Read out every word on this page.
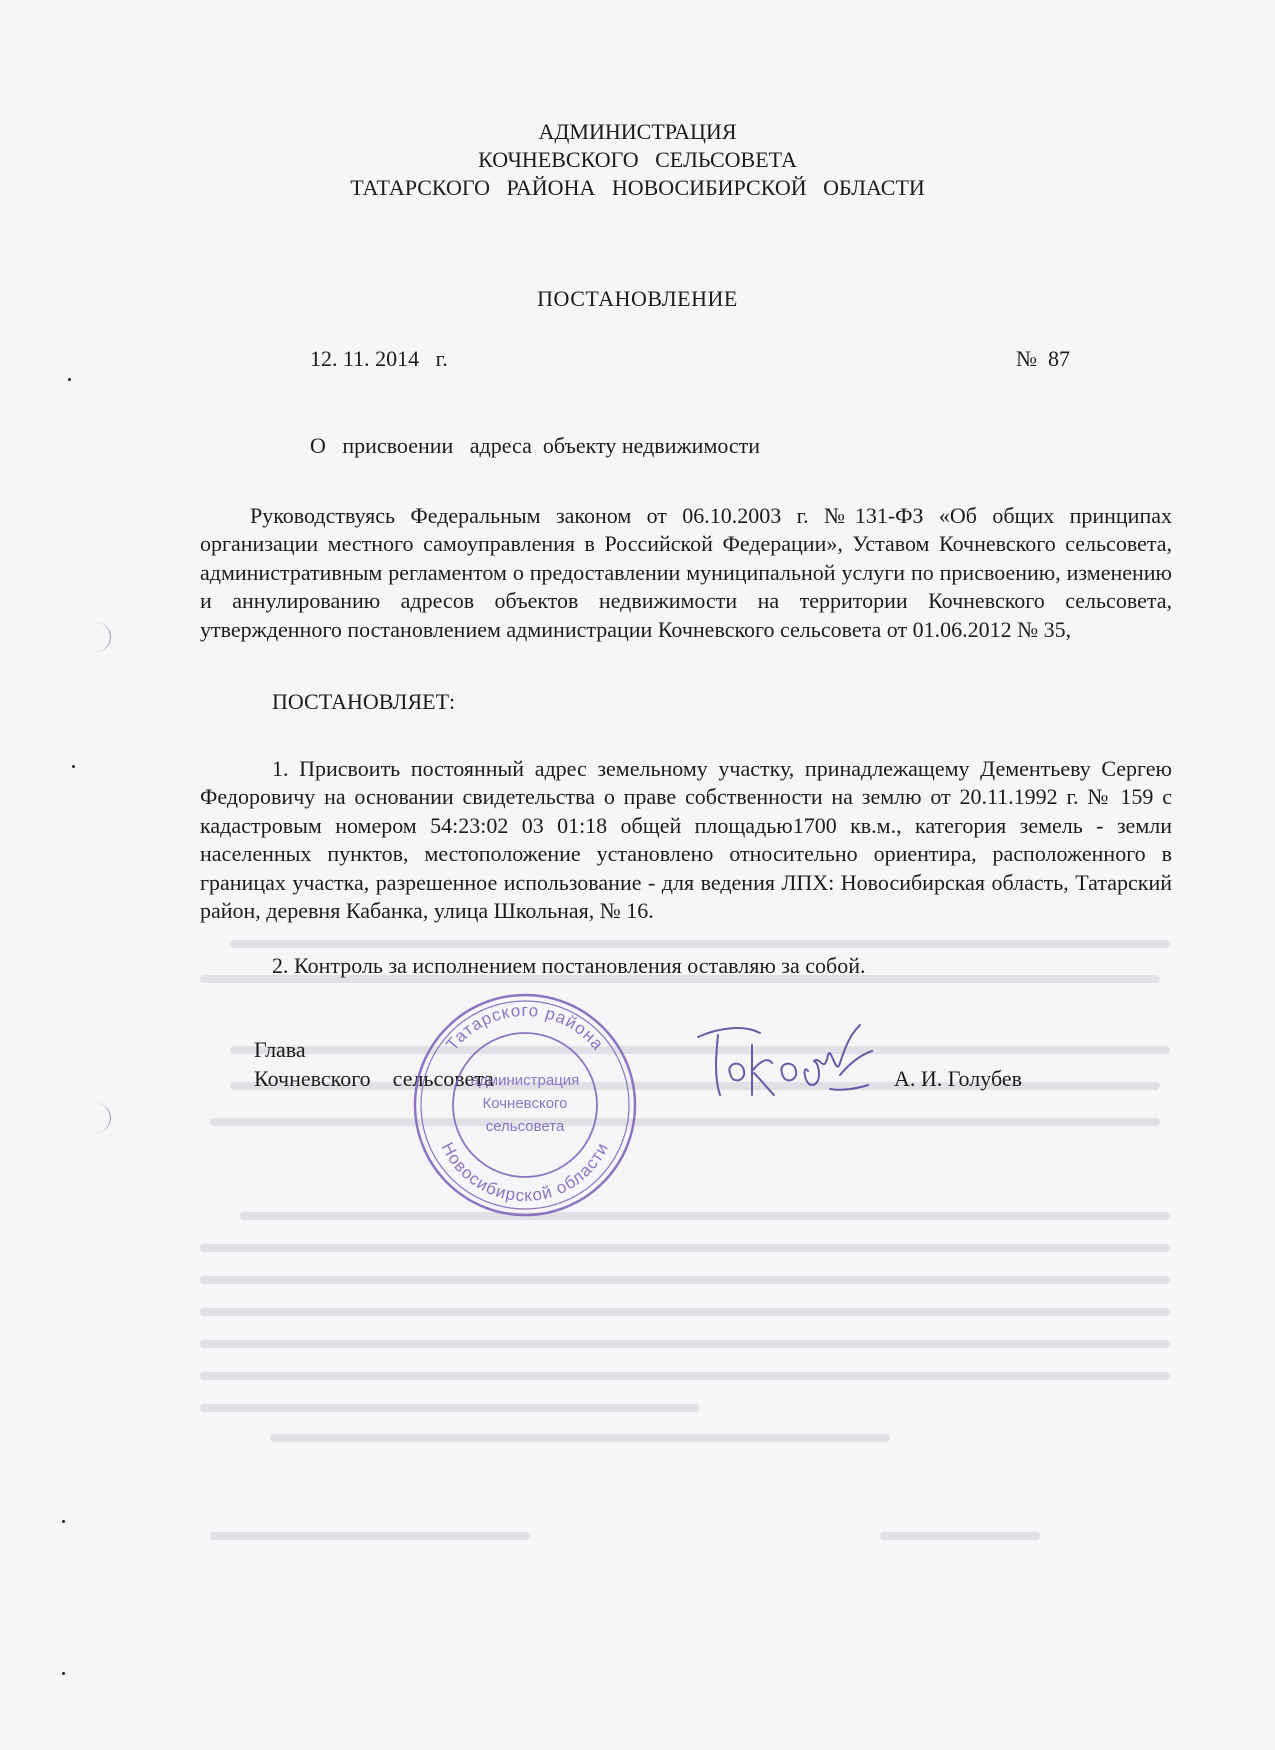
АДМИНИСТРАЦИЯ
КОЧНЕВСКОГО   СЕЛЬСОВЕТА
ТАТАРСКОГО   РАЙОНА   НОВОСИБИРСКОЙ   ОБЛАСТИ
ПОСТАНОВЛЕНИЕ
12. 11. 2014   г.	№  87
О   присвоении   адреса  объекту недвижимости

Руководствуясь Федеральным законом от 06.10.2003 г. №131-ФЗ «Об общих принципах организации местного самоуправления в Российской Федерации», Уставом Кочневского сельсовета, административным регламентом о предоставлении муниципальной услуги по присвоению, изменению и аннулированию адресов объектов недвижимости на территории Кочневского сельсовета, утвержденного постановлением администрации Кочневского сельсовета от 01.06.2012 № 35,

ПОСТАНОВЛЯЕТ:

1. Присвоить постоянный адрес земельному участку, принадлежащему Дементьеву Сергею Федоровичу на основании свидетельства о праве собственности на землю от 20.11.1992 г. № 159 с кадастровым номером 54:23:02 03 01:18 общей площадью1700 кв.м., категория земель - земли населенных пунктов, местоположение установлено относительно ориентира, расположенного в границах участка, разрешенное использование - для ведения ЛПХ: Новосибирская область, Татарский район, деревня Кабанка, улица Школьная, № 16.

2. Контроль за исполнением постановления оставляю за собой.

Глава
Кочневского    сельсовета	А. И. Голубев
Татарского района
Новосибирской области
администрация
Кочневского
сельсовета
